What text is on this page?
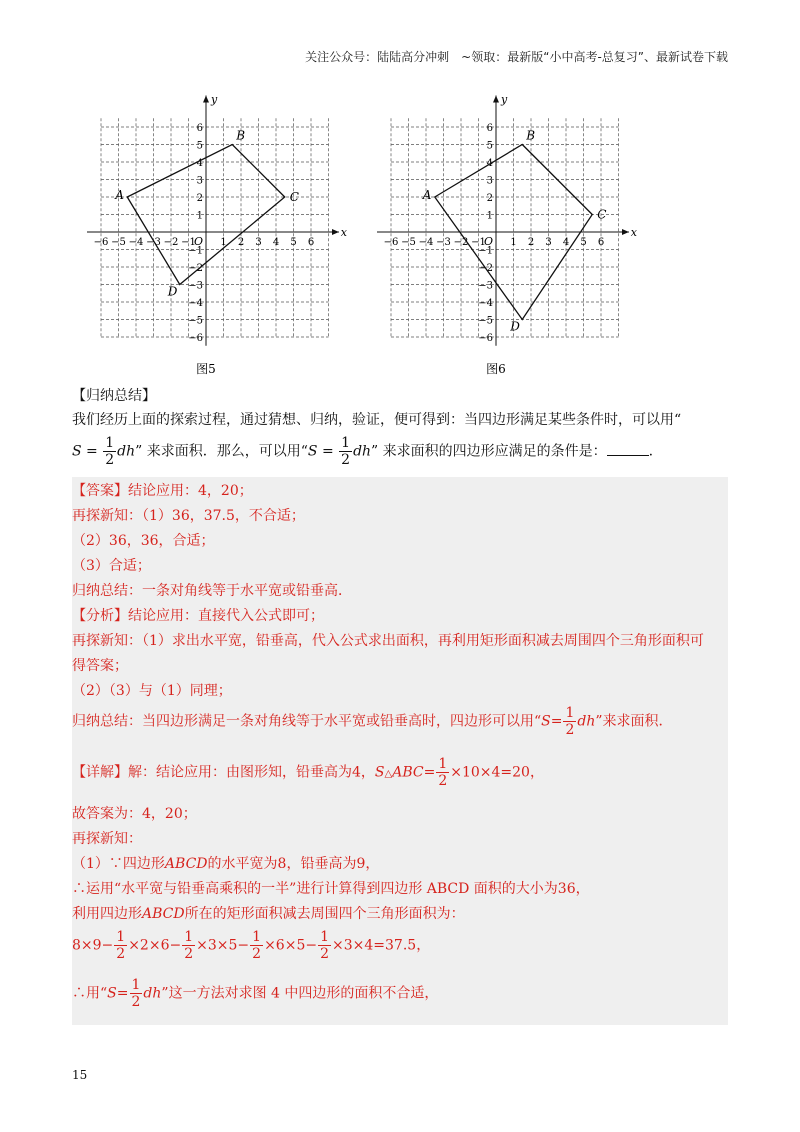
关注公众号：陆陆高分冲刺　~领取：最新版“小中高考-总复习”、最新试卷下载
x
y
O
−6 −5 −4 −3 −2 −1 1 2 3 4 5 6
6
5
4
3
2
1
−1
−2
−3
−4
−5
−6
A
B
C
D
图5
x
y
O
−6 −5 −4 −3 −2 −1 1 2 3 4 5 6
6
5
4
3
2
1
−1
−2
−3
−4
−5
−6
A
B
C
D
图6
【归纳总结】
我们经历上面的探索过程，通过猜想、归纳，验证，便可得到：当四边形满足某些条件时，可以用“
$S = \frac{1}{2}$ dh” 来求面积．那么，可以用“$S = \frac{1}{2}$ dh” 来求面积的四边形应满足的条件是：	.
【答案】结论应用：4，20；
再探新知：（1）36，37.5，不合适；
（2）36，36，合适；
（3）合适；
归纳总结：一条对角线等于水平宽或铅垂高．
【分析】结论应用：直接代入公式即可；
再探新知：（1）求出水平宽，铅垂高，代入公式求出面积，再利用矩形面积减去周围四个三角形面积可
得答案；
（2）（3）与（1）同理；
归纳总结：当四边形满足一条对角线等于水平宽或铅垂高时，四边形可以用“$S= \frac{1}{2}$ dh”来求面积．
【详解】解：结论应用：由图形知，铅垂高为4，S△ABC= $\frac{1}{2} \times 10\times 4=20$，
故答案为：4，20；
再探新知：
（1）∵四边形ABCD的水平宽为8，铅垂高为9，
∴运用“水平宽与铅垂高乘积的一半”进行计算得到四边形 ABCD 面积的大小为36，
利用四边形ABCD所在的矩形面积减去周围四个三角形面积为：
$8\times 9- \frac{1}{2} \times 2\times 6- \frac{1}{2} \times 3\times 5- \frac{1}{2} \times 6\times 5- \frac{1}{2} \times 3\times 4=37.5$，
∴用“$S= \frac{1}{2}$ dh”这一方法对求图 4 中四边形的面积不合适，
15
